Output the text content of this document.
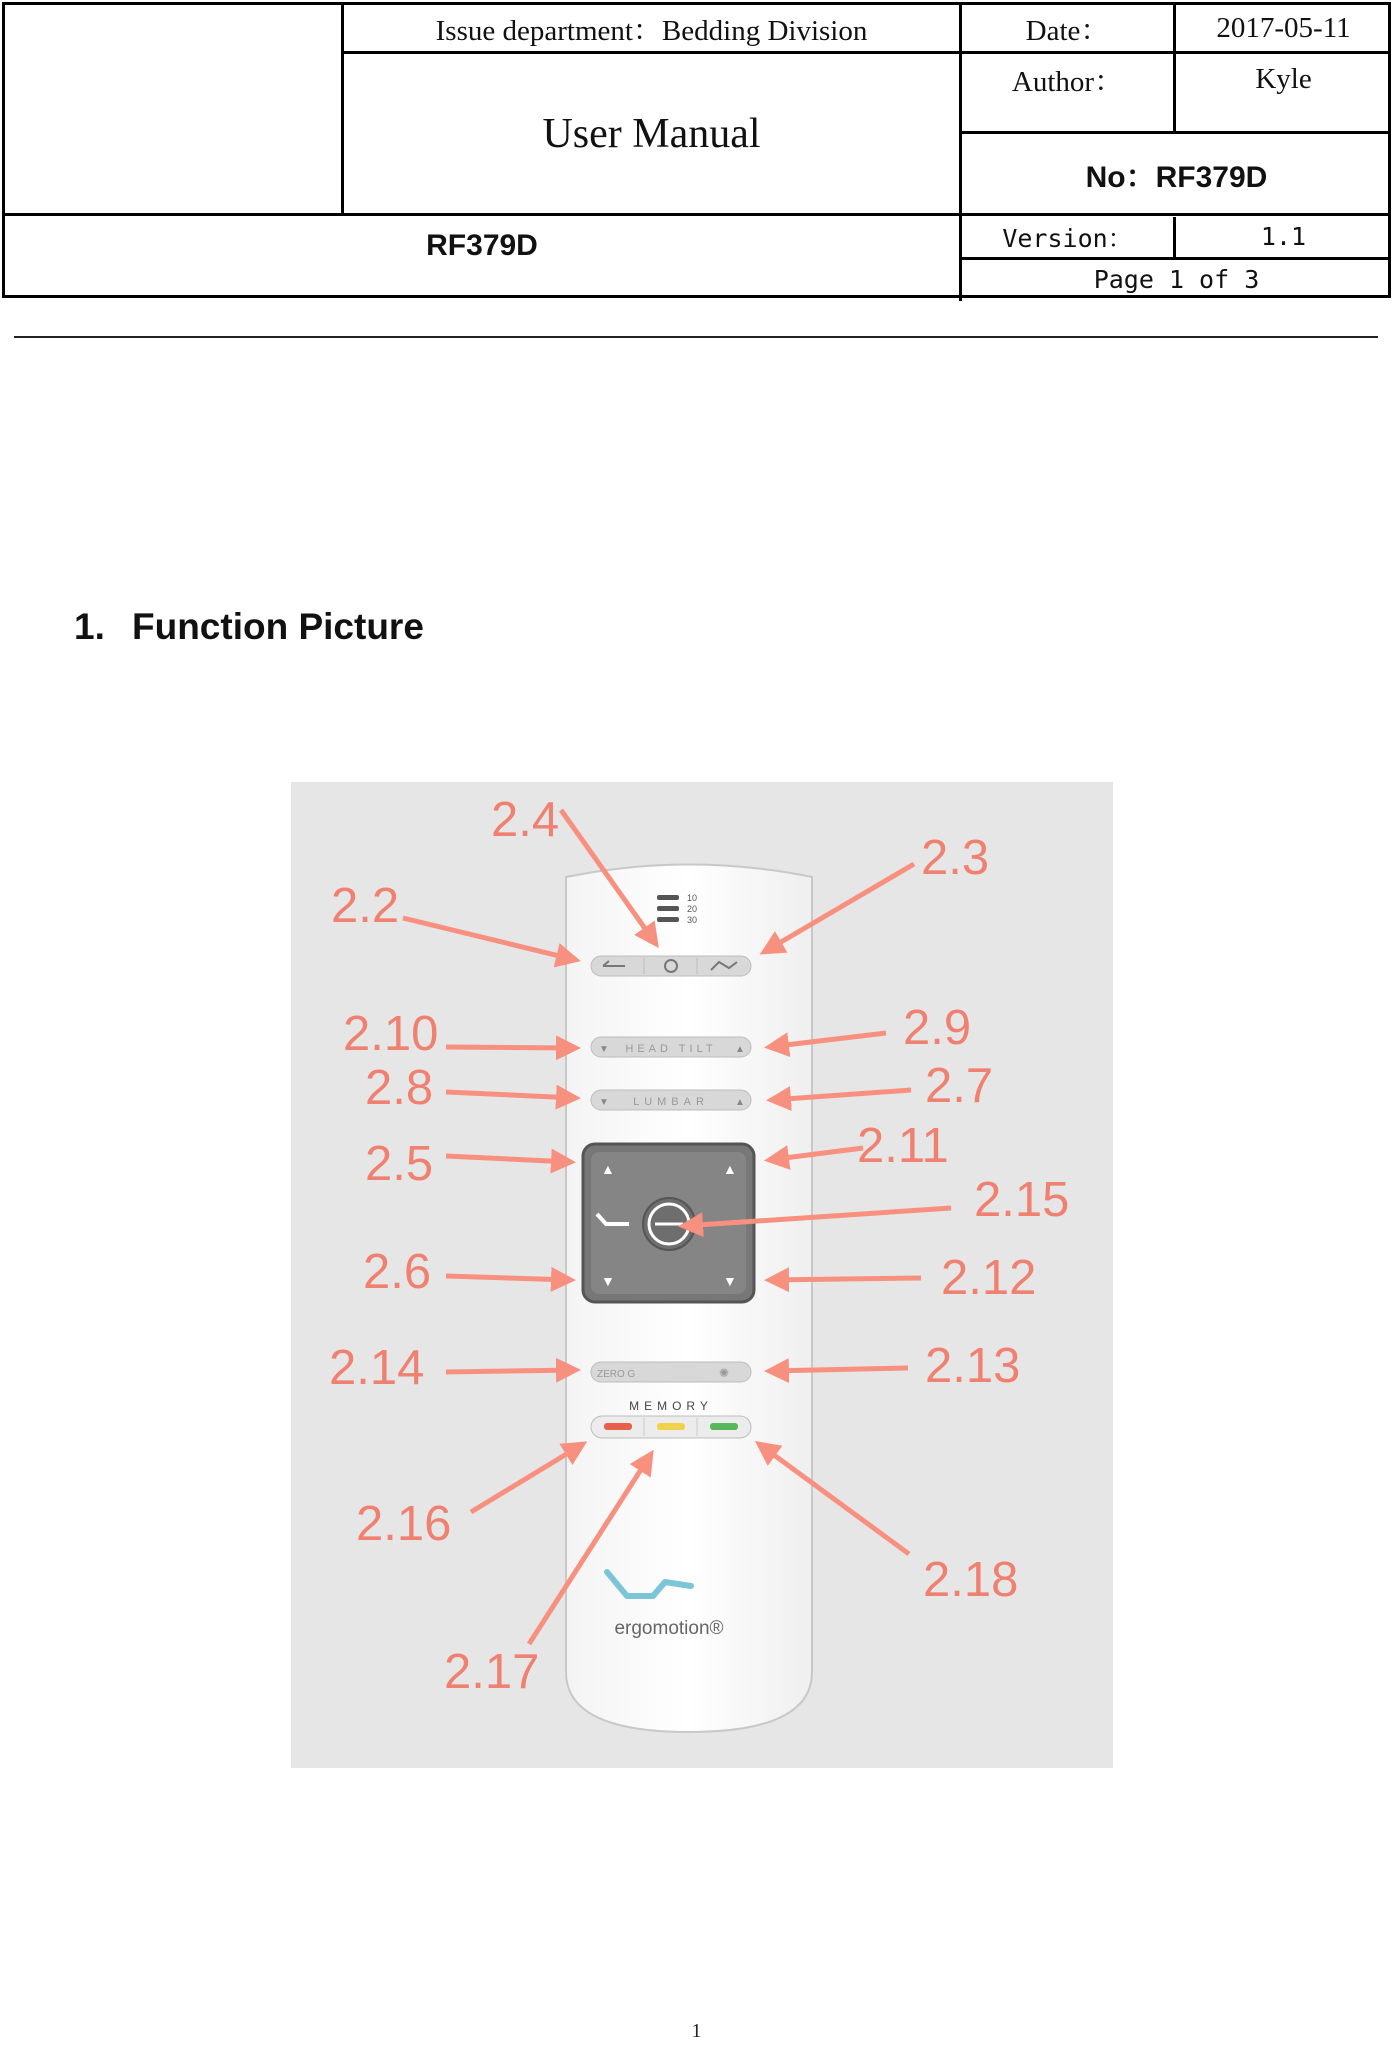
Issue department：Bedding Division	Date：	2017-05-11
User Manual
Author：	Kyle
No：RF379D
RF379D	Version：	1.1
Page 1 of 3
1. Function Picture
10
20
30
▼ HEAD TILT ▲
▼ LUMBAR	▲
▲	▲
▼	▼
ZERO G	✺
MEMORY
ergomotion®
2.4
2.3
2.2
2.10	2.9
2.8	2.7
2.5	2.11
2.15
2.6	2.12
2.14	2.13
2.16
2.18
2.17
1
